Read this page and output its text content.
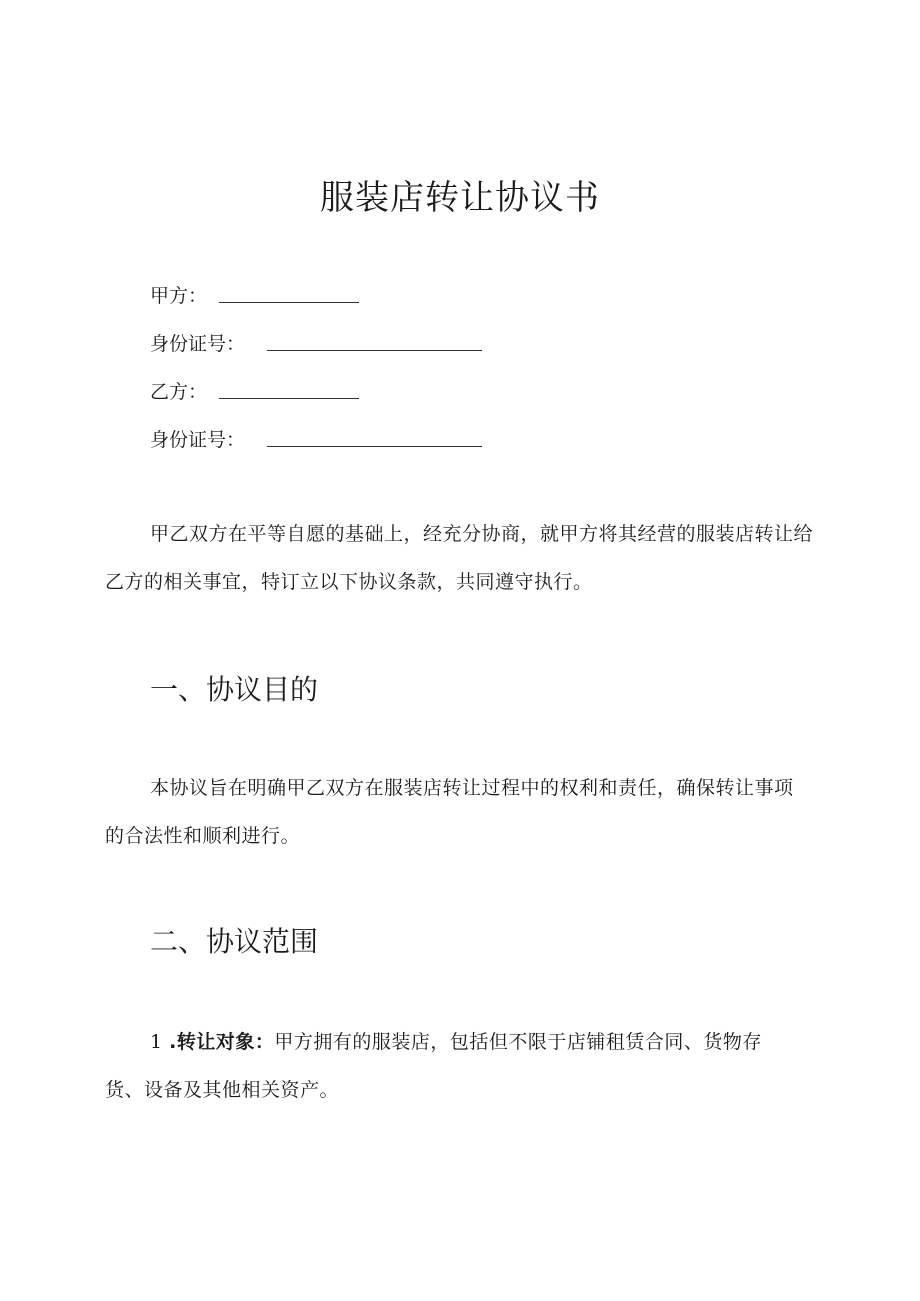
服装店转让协议书
甲方：
身份证号：
乙方：
身份证号：

甲乙双方在平等自愿的基础上，经充分协商，就甲方将其经营的服装店转让给乙方的相关事宜，特订立以下协议条款，共同遵守执行。

一、协议目的

本协议旨在明确甲乙双方在服装店转让过程中的权利和责任，确保转让事项的合法性和顺利进行。

二、协议范围

1 .转让对象：甲方拥有的服装店，包括但不限于店铺租赁合同、货物存货、设备及其他相关资产。
